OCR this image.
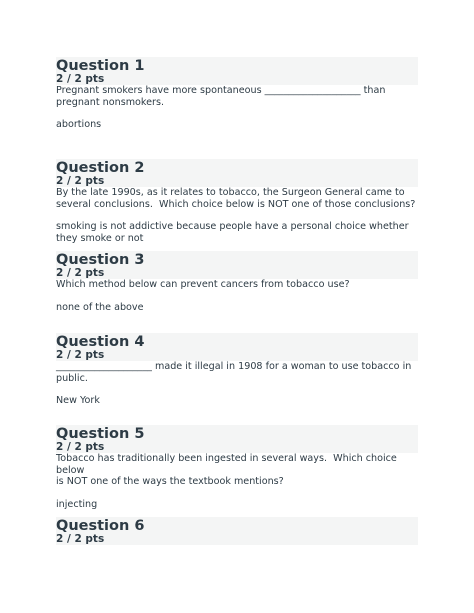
Question 1
2 / 2 pts

Pregnant smokers have more spontaneous ____________________ than
pregnant nonsmokers.

abortions

Question 2
2 / 2 pts

By the late 1990s, as it relates to tobacco, the Surgeon General came to
several conclusions.  Which choice below is NOT one of those conclusions?

smoking is not addictive because people have a personal choice whether
they smoke or not

Question 3
2 / 2 pts

Which method below can prevent cancers from tobacco use?

none of the above

Question 4
2 / 2 pts

____________________ made it illegal in 1908 for a woman to use tobacco in
public.

New York

Question 5
2 / 2 pts

Tobacco has traditionally been ingested in several ways.  Which choice below
is NOT one of the ways the textbook mentions?

injecting

Question 6
2 / 2 pts
